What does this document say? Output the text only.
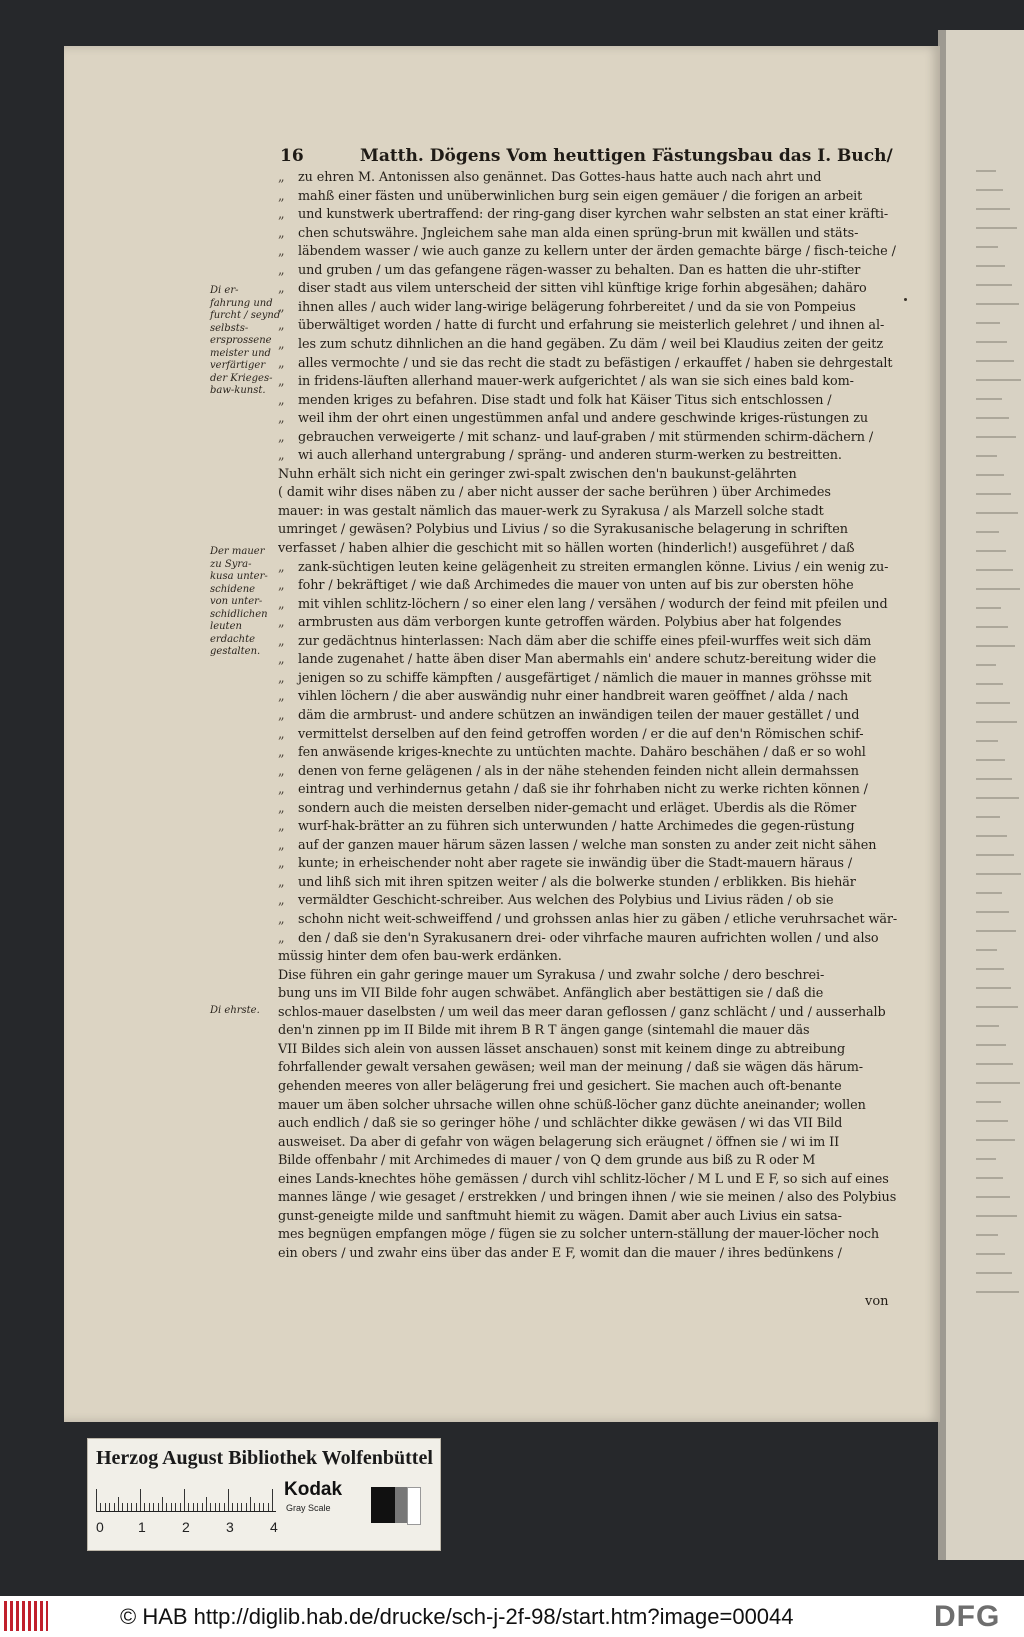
16	Matth. Dögens Vom heuttigen Fästungsbau das I. Buch/
Di er-
fahrung und
furcht / seynd
selbsts-
ersprossene
meister und
verfärtiger
der Krieges-
baw-kunst.
Der mauer
zu Syra-
kusa unter-
schidene
von unter-
schidlichen
leuten
erdachte
gestalten.
Di ehrste.
„ zu ehren M. Antonissen also genännet. Das Gottes-haus hatte auch nach ahrt und
„ mahß einer fästen und unüberwinlichen burg sein eigen gemäuer / die forigen an arbeit
„ und kunstwerk ubertraffend: der ring-gang diser kyrchen wahr selbsten an stat einer kräfti-
„ chen schutswähre. Jngleichem sahe man alda einen sprüng-brun mit kwällen und stäts-
„ läbendem wasser / wie auch ganze zu kellern unter der ärden gemachte bärge / fisch-teiche /
„ und gruben / um das gefangene rägen-wasser zu behalten. Dan es hatten die uhr-stifter
„ diser stadt aus vilem unterscheid der sitten vihl künftige krige forhin abgesähen; dahäro
„ ihnen alles / auch wider lang-wirige belägerung fohrbereitet / und da sie von Pompeius
„ überwältiget worden / hatte di furcht und erfahrung sie meisterlich gelehret / und ihnen al-
„ les zum schutz dihnlichen an die hand gegäben. Zu däm / weil bei Klaudius zeiten der geitz
„ alles vermochte / und sie das recht die stadt zu befästigen / erkauffet / haben sie dehrgestalt
„ in fridens-läuften allerhand mauer-werk aufgerichtet / als wan sie sich eines bald kom-
„ menden kriges zu befahren. Dise stadt und folk hat Käiser Titus sich entschlossen /
„ weil ihm der ohrt einen ungestümmen anfal und andere geschwinde kriges-rüstungen zu
„ gebrauchen verweigerte / mit schanz- und lauf-graben / mit stürmenden schirm-dächern /
„ wi auch allerhand untergrabung / spräng- und anderen sturm-werken zu bestreitten.
Nuhn erhält sich nicht ein geringer zwi-spalt zwischen den'n baukunst-gelährten
( damit wihr dises näben zu / aber nicht ausser der sache berühren ) über Archimedes
mauer: in was gestalt nämlich das mauer-werk zu Syrakusa / als Marzell solche stadt
umringet / gewäsen? Polybius und Livius / so die Syrakusanische belagerung in schriften
verfasset / haben alhier die geschicht mit so hällen worten (hinderlich!) ausgeführet / daß
„ zank-süchtigen leuten keine gelägenheit zu streiten ermanglen könne. Livius / ein wenig zu-
„ fohr / bekräftiget / wie daß Archimedes die mauer von unten auf bis zur obersten höhe
„ mit vihlen schlitz-löchern / so einer elen lang / versähen / wodurch der feind mit pfeilen und
„ armbrusten aus däm verborgen kunte getroffen wärden. Polybius aber hat folgendes
„ zur gedächtnus hinterlassen: Nach däm aber die schiffe eines pfeil-wurffes weit sich däm
„ lande zugenahet / hatte äben diser Man abermahls ein' andere schutz-bereitung wider die
„ jenigen so zu schiffe kämpften / ausgefärtiget / nämlich die mauer in mannes gröhsse mit
„ vihlen löchern / die aber auswändig nuhr einer handbreit waren geöffnet / alda / nach
„ däm die armbrust- und andere schützen an inwändigen teilen der mauer gestället / und
„ vermittelst derselben auf den feind getroffen worden / er die auf den'n Römischen schif-
„ fen anwäsende kriges-knechte zu untüchten machte. Dahäro beschähen / daß er so wohl
„ denen von ferne gelägenen / als in der nähe stehenden feinden nicht allein dermahssen
„ eintrag und verhindernus getahn / daß sie ihr fohrhaben nicht zu werke richten können /
„ sondern auch die meisten derselben nider-gemacht und erläget. Uberdis als die Römer
„ wurf-hak-brätter an zu führen sich unterwunden / hatte Archimedes die gegen-rüstung
„ auf der ganzen mauer härum säzen lassen / welche man sonsten zu ander zeit nicht sähen
„ kunte; in erheischender noht aber ragete sie inwändig über die Stadt-mauern häraus /
„ und lihß sich mit ihren spitzen weiter / als die bolwerke stunden / erblikken. Bis hiehär
„ vermäldter Geschicht-schreiber. Aus welchen des Polybius und Livius räden / ob sie
„ schohn nicht weit-schweiffend / und grohssen anlas hier zu gäben / etliche veruhrsachet wär-
„ den / daß sie den'n Syrakusanern drei- oder vihrfache mauren aufrichten wollen / und also
müssig hinter dem ofen bau-werk erdänken.
Dise führen ein gahr geringe mauer um Syrakusa / und zwahr solche / dero beschrei-
bung uns im VII Bilde fohr augen schwäbet. Anfänglich aber bestättigen sie / daß die
schlos-mauer daselbsten / um weil das meer daran geflossen / ganz schlächt / und / ausserhalb
den'n zinnen pp im II Bilde mit ihrem B R T ängen gange (sintemahl die mauer däs
VII Bildes sich alein von aussen lässet anschauen) sonst mit keinem dinge zu abtreibung
fohrfallender gewalt versahen gewäsen; weil man der meinung / daß sie wägen däs härum-
gehenden meeres von aller belägerung frei und gesichert. Sie machen auch oft-benante
mauer um äben solcher uhrsache willen ohne schüß-löcher ganz düchte aneinander; wollen
auch endlich / daß sie so geringer höhe / und schlächter dikke gewäsen / wi das VII Bild
ausweiset. Da aber di gefahr von wägen belagerung sich eräugnet / öffnen sie / wi im II
Bilde offenbahr / mit Archimedes di mauer / von Q dem grunde aus biß zu R oder M
eines Lands-knechtes höhe gemässen / durch vihl schlitz-löcher / M L und E F, so sich auf eines
mannes länge / wie gesaget / erstrekken / und bringen ihnen / wie sie meinen / also des Polybius
gunst-geneigte milde und sanftmuht hiemit zu wägen. Damit aber auch Livius ein satsa-
mes begnügen empfangen möge / fügen sie zu solcher untern-ställung der mauer-löcher noch
ein obers / und zwahr eins über das ander E F, womit dan die mauer / ihres bedünkens /
von
Herzog August Bibliothek Wolfenbüttel
0 1	2	3	4
Kodak
Gray Scale
© HAB http://diglib.hab.de/drucke/sch-j-2f-98/start.htm?image=00044	DFG
